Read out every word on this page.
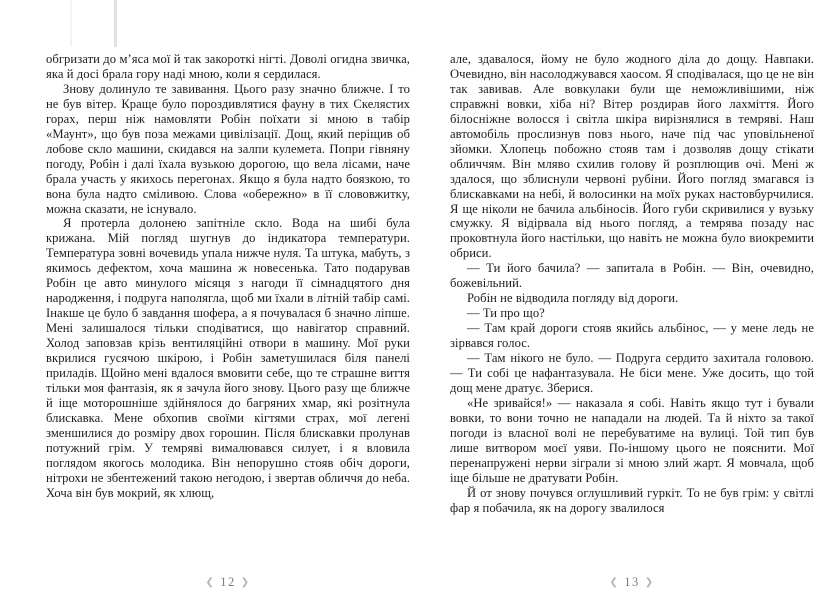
обгризати до м’яса мої й так закороткі нігті. Доволі огидна звичка, яка й досі брала гору наді мною, коли я сердилася.

Знову долинуло те завивання. Цього разу значно ближче. І то не був вітер. Краще було пороздивлятися фауну в тих Скелястих горах, перш ніж намовляти Робін поїхати зі мною в табір «Маунт», що був поза межами цивілізації. Дощ, який періщив об лобове скло машини, скидався на залпи кулемета. Попри гівняну погоду, Робін і далі їхала вузькою дорогою, що вела лісами, наче брала участь у якихось перегонах. Якщо я була надто боязкою, то вона була надто сміливою. Слова «обережно» в її слововжитку, можна сказати, не існувало.

Я протерла долонею запітніле скло. Вода на шибі була крижана. Мій погляд шугнув до індикатора температури. Температура зовні вочевидь упала нижче нуля. Та штука, мабуть, з якимось дефектом, хоча машина ж новесенька. Тато подарував Робін це авто минулого місяця з нагоди її сімнадцятого дня народження, і подруга наполягла, щоб ми їхали в літній табір самі. Інакше це було б завдання шофера, а я почувалася б значно ліпше. Мені залишалося тільки сподіватися, що навігатор справний. Холод заповзав крізь вентиляційні отвори в машину. Мої руки вкрилися гусячою шкірою, і Робін заметушилася біля панелі приладів. Щойно мені вдалося вмовити себе, що те страшне виття тільки моя фантазія, як я зачула його знову. Цього разу ще ближче й іще моторошніше здійнялося до багряних хмар, які розітнула блискавка. Мене обхопив своїми кігтями страх, мої легені зменшилися до розміру двох горошин. Після блискавки пролунав потужний грім. У темряві вималювався силует, і я вловила поглядом якогось молодика. Він непорушно стояв обіч дороги, нітрохи не збентежений такою негодою, і звертав обличчя до неба. Хоча він був мокрий, як хлющ,

❮ 12 ❯

але, здавалося, йому не було жодного діла до дощу. Навпаки. Очевидно, він насолоджувався хаосом. Я сподівалася, що це не він так завивав. Але вовкулаки були ще неможливішими, ніж справжні вовки, хіба ні? Вітер роздирав його лахміття. Його білосніжне волосся і світла шкіра вирізнялися в темряві. Наш автомобіль прослизнув повз нього, наче під час уповільненої зйомки. Хлопець побожно стояв там і дозволяв дощу стікати обличчям. Він мляво схилив голову й розплющив очі. Мені ж здалося, що зблиснули червоні рубіни. Його погляд змагався із блискавками на небі, й волосинки на моїх руках настовбурчилися. Я ще ніколи не бачила альбіносів. Його губи скривилися у вузьку смужку. Я відірвала від нього погляд, а темрява позаду нас проковтнула його настільки, що навіть не можна було виокремити обриси.

— Ти його бачила? — запитала в Робін. — Він, очевидно, божевільний.

Робін не відводила погляду від дороги.

— Ти про що?

— Там край дороги стояв якийсь альбінос, — у мене ледь не зірвався голос.

— Там нікого не було. — Подруга сердито захитала головою. — Ти собі це нафантазувала. Не біси мене. Уже досить, що той дощ мене дратує. Зберися.

«Не зривайся!» — наказала я собі. Навіть якщо тут і бували вовки, то вони точно не нападали на людей. Та й ніхто за такої погоди із власної волі не перебуватиме на вулиці. Той тип був лише витвором моєї уяви. По-іншому цього не пояснити. Мої перенапружені нерви зіграли зі мною злий жарт. Я мовчала, щоб іще більше не дратувати Робін.

Й от знову почувся оглушливий гуркіт. То не був грім: у світлі фар я побачила, як на дорогу звалилося

❮ 13 ❯
